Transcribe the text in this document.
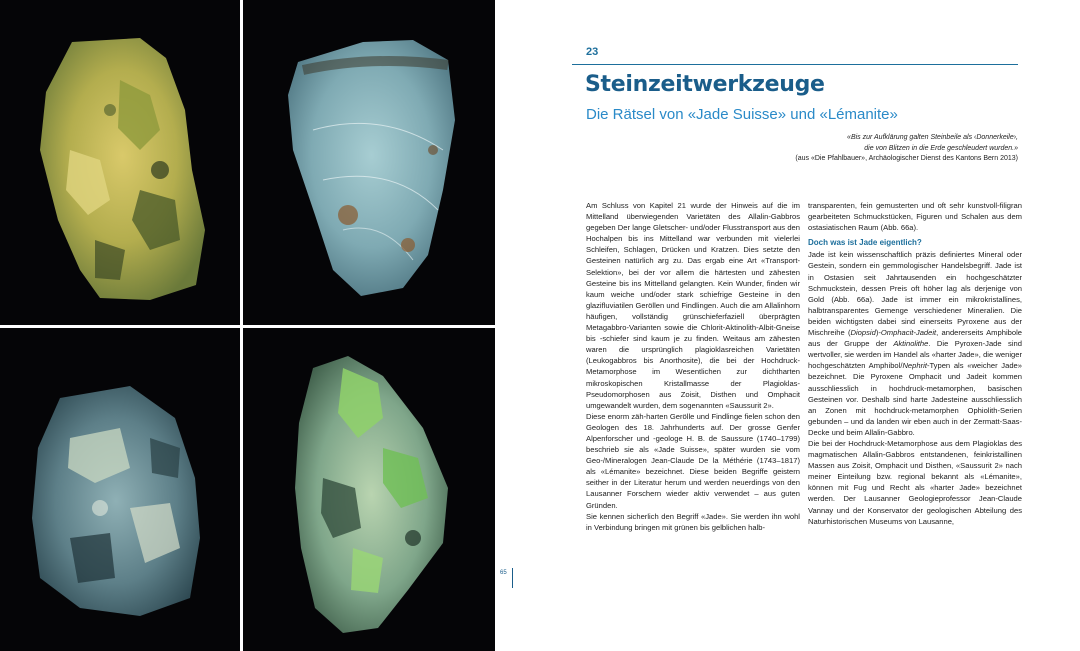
65
23
Steinzeitwerkzeuge
Die Rätsel von «Jade Suisse» und «Lémanite»
«Bis zur Aufklärung galten Steinbeile als ‹Donnerkeile›,
die von Blitzen in die Erde geschleudert wurden.»
(aus «Die Pfahlbauer», Archäologischer Dienst des Kantons Bern 2013)

Am Schluss von Kapitel 21 wurde der Hinweis auf die im Mittelland überwiegenden Varietäten des Allalin-Gabbros gegeben Der lange Gletscher- und/oder Flusstransport aus den Hochalpen bis ins Mittelland war verbunden mit vielerlei Schleifen, Schlagen, Drücken und Kratzen. Dies setzte den Gesteinen natürlich arg zu. Das ergab eine Art «Transport-Selektion», bei der vor allem die härtesten und zähesten Gesteine bis ins Mittelland gelangten. Kein Wunder, finden wir kaum weiche und/oder stark schiefrige Gesteine in den glazifluviatilen Geröllen und Findlingen. Auch die am Allalinhorn häufigen, vollständig grünschieferfaziell überprägten Metagabbro-Varianten sowie die Chlorit-Aktinolith-Albit-Gneise bis -schiefer sind kaum je zu finden. Weitaus am zähesten waren die ursprünglich plagioklasreichen Varietäten (Leukogabbros bis Anorthosite), die bei der Hochdruck-Metamorphose im Wesentlichen zur dichtharten mikroskopischen Kristallmasse der Plagioklas-Pseudomorphosen aus Zoisit, Disthen und Omphacit umgewandelt wurden, dem sogenannten «Saussurit 2».

Diese enorm zäh-harten Gerölle und Findlinge fielen schon den Geologen des 18. Jahrhunderts auf. Der grosse Genfer Alpenforscher und -geologe H. B. de Saussure (1740–1799) beschrieb sie als «Jade Suisse», später wurden sie vom Geo-/Mineralogen Jean-Claude De la Méthérie (1743–1817) als «Lémanite» bezeichnet. Diese beiden Begriffe geistern seither in der Literatur herum und werden neuerdings von den Lausanner Forschern wieder aktiv verwendet – aus guten Gründen.

Sie kennen sicherlich den Begriff «Jade». Sie werden ihn wohl in Verbindung bringen mit grünen bis gelblichen halb-

transparenten, fein gemusterten und oft sehr kunstvoll-filigran gearbeiteten Schmuckstücken, Figuren und Schalen aus dem ostasiatischen Raum (Abb. 66a).

Doch was ist Jade eigentlich?

Jade ist kein wissenschaftlich präzis definiertes Mineral oder Gestein, sondern ein gemmologischer Handelsbegriff. Jade ist in Ostasien seit Jahrtausenden ein hochgeschätzter Schmuckstein, dessen Preis oft höher lag als derjenige von Gold (Abb. 66a). Jade ist immer ein mikrokristallines, halbtransparentes Gemenge verschiedener Mineralien. Die beiden wichtigsten dabei sind einerseits Pyroxene aus der Mischreihe (Diopsid)-Omphacit-Jadeit, andererseits Amphibole aus der Gruppe der Aktinolithe. Die Pyroxen-Jade sind wertvoller, sie werden im Handel als «harter Jade», die weniger hochgeschätzten Amphibol/Nephrit-Typen als «weicher Jade» bezeichnet. Die Pyroxene Omphacit und Jadeit kommen ausschliesslich in hochdruck-metamorphen, basischen Gesteinen vor. Deshalb sind harte Jadesteine ausschliesslich an Zonen mit hochdruck-metamorphen Ophiolith-Serien gebunden – und da landen wir eben auch in der Zermatt-Saas-Decke und beim Allalin-Gabbro.

Die bei der Hochdruck-Metamorphose aus dem Plagioklas des magmatischen Allalin-Gabbros entstandenen, feinkristallinen Massen aus Zoisit, Omphacit und Disthen, «Saussurit 2» nach meiner Einteilung bzw. regional bekannt als «Lémanite», können mit Fug und Recht als «harter Jade» bezeichnet werden. Der Lausanner Geologieprofessor Jean-Claude Vannay und der Konservator der geologischen Abteilung des Naturhistorischen Museums von Lausanne,
